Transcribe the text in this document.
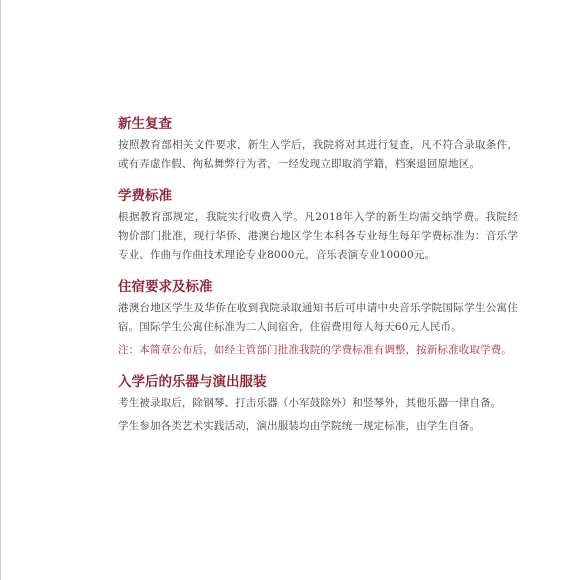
新生复查

按照教育部相关文件要求，新生入学后，我院将对其进行复查，凡不符合录取条件，或有弄虚作假、徇私舞弊行为者，一经发现立即取消学籍，档案退回原地区。

学费标准

根据教育部规定，我院实行收费入学。凡2018年入学的新生均需交纳学费。我院经物价部门批准，现行华侨、港澳台地区学生本科各专业每生每年学费标准为：音乐学专业、作曲与作曲技术理论专业8000元，音乐表演专业10000元。

住宿要求及标准

港澳台地区学生及华侨在收到我院录取通知书后可申请中央音乐学院国际学生公寓住宿。国际学生公寓住标准为二人间宿舍，住宿费用每人每天60元人民币。

注：本简章公布后，如经主管部门批准我院的学费标准有调整，按新标准收取学费。

入学后的乐器与演出服装

考生被录取后，除钢琴、打击乐器（小军鼓除外）和竖琴外，其他乐器一律自备。

学生参加各类艺术实践活动，演出服装均由学院统一规定标准，由学生自备。
